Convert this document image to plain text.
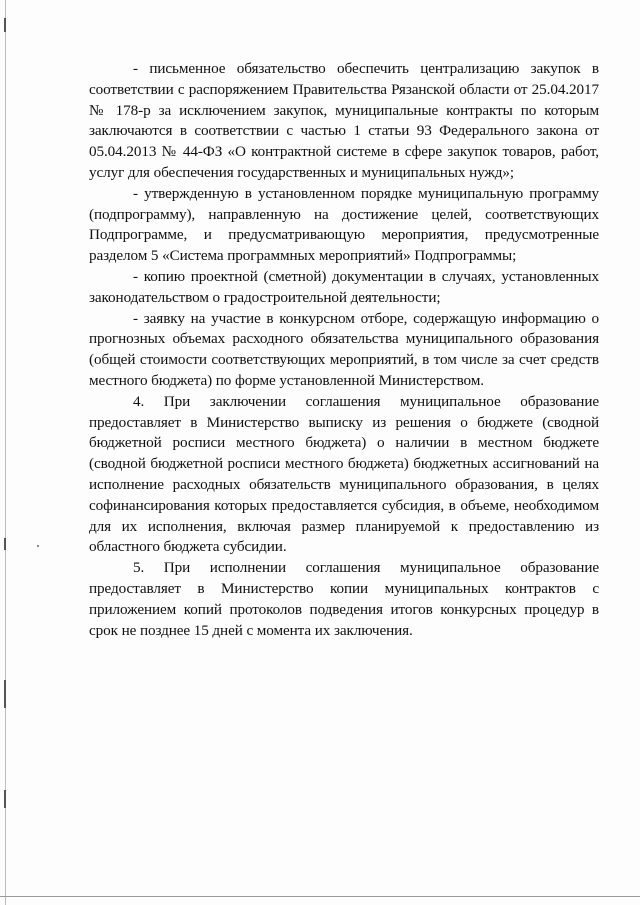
- письменное обязательство обеспечить централизацию закупок в соответствии с распоряжением Правительства Рязанской области от 25.04.2017 № 178-р за исключением закупок, муниципальные контракты по которым заключаются в соответствии с частью 1 статьи 93 Федерального закона от 05.04.2013 № 44-ФЗ «О контрактной системе в сфере закупок товаров, работ, услуг для обеспечения государственных и муниципальных нужд»;

- утвержденную в установленном порядке муниципальную программу (подпрограмму), направленную на достижение целей, соответствующих Подпрограмме, и предусматривающую мероприятия, предусмотренные разделом 5 «Система программных мероприятий» Подпрограммы;

- копию проектной (сметной) документации в случаях, установленных законодательством о градостроительной деятельности;

- заявку на участие в конкурсном отборе, содержащую информацию о прогнозных объемах расходного обязательства муниципального образования (общей стоимости соответствующих мероприятий, в том числе за счет средств местного бюджета) по форме установленной Министерством.

4. При заключении соглашения муниципальное образование предоставляет в Министерство выписку из решения о бюджете (сводной бюджетной росписи местного бюджета) о наличии в местном бюджете (сводной бюджетной росписи местного бюджета) бюджетных ассигнований на исполнение расходных обязательств муниципального образования, в целях софинансирования которых предоставляется субсидия, в объеме, необходимом для их исполнения, включая размер планируемой к предоставлению из областного бюджета субсидии.

5. При исполнении соглашения муниципальное образование предоставляет в Министерство копии муниципальных контрактов с приложением копий протоколов подведения итогов конкурсных процедур в срок не позднее 15 дней с момента их заключения.
